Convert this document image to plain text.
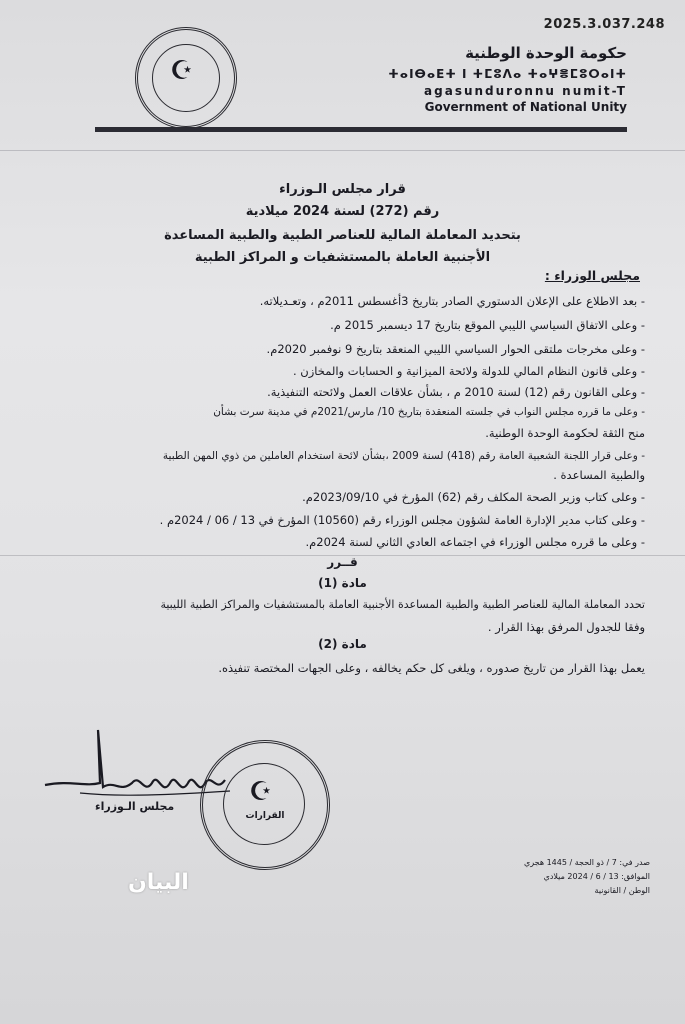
2025.3.037.248
☪
حكومة الوحدة الوطنية
ⵜⴰⵏⴱⴰⴹⵜ ⵏ ⵜⵎⵓⴷⴰ ⵜⴰⵖⴻⵎⵓⵔⴰⵏⵜ
agasunduronnu numit-T
Government of National Unity
قرار مجلس الـوزراء
رقم (272) لسنة 2024 ميلادية
بتحديد المعاملة المالية للعناصر الطبية والطبية المساعدة
الأجنبية العاملة بالمستشفيات و المراكز الطبية
مجلس الوزراء :
- بعد الاطلاع على الإعلان الدستوري الصادر بتاريخ 3أغسطس 2011م ، وتعـديلاته.
- وعلى الاتفاق السياسي الليبي الموقع بتاريخ 17 ديسمبر 2015 م.
- وعلى مخرجات ملتقى الحوار السياسي الليبي المنعقد بتاريخ 9 نوفمبر 2020م.
- وعلى قانون النظام المالي للدولة ولائحة الميزانية و الحسابات والمخازن .
- وعلى القانون رقم (12) لسنة 2010 م ، بشأن علاقات العمل ولائحته التنفيذية.
- وعلى ما قرره مجلس النواب في جلسته المنعقدة بتاريخ 10/ مارس/2021م في مدينة سرت بشأن
منح الثقة لحكومة الوحدة الوطنية.
- وعلى قرار اللجنة الشعبية العامة رقم (418) لسنة 2009 ،بشأن لائحة استخدام العاملين من ذوي المهن الطبية
والطبية المساعدة .
- وعلى كتاب وزير الصحة المكلف رقم (62) المؤرخ في 2023/09/10م.
- وعلى كتاب مدير الإدارة العامة لشؤون مجلس الوزراء رقم (10560) المؤرخ في 13 / 06 / 2024م .
- وعلى ما قرره مجلس الوزراء في اجتماعه العادي الثاني لسنة 2024م.
قــرر
مادة (1)
تحدد المعاملة المالية للعناصر الطبية والطبية المساعدة الأجنبية العاملة بالمستشفيات والمراكز الطبية الليبية
وفقا للجدول المرفق بهذا القرار .
مادة (2)
يعمل بهذا القرار من تاريخ صدوره ، ويلغى كل حكم يخالفه ، وعلى الجهات المختصة تنفيذه.
مجلس الـوزراء	☪
القرارات
صدر في: 7 / ذو الحجة / 1445 هجري
الموافق: 13 / 6 / 2024 ميلادي
الوطن / القانونية
البيان
